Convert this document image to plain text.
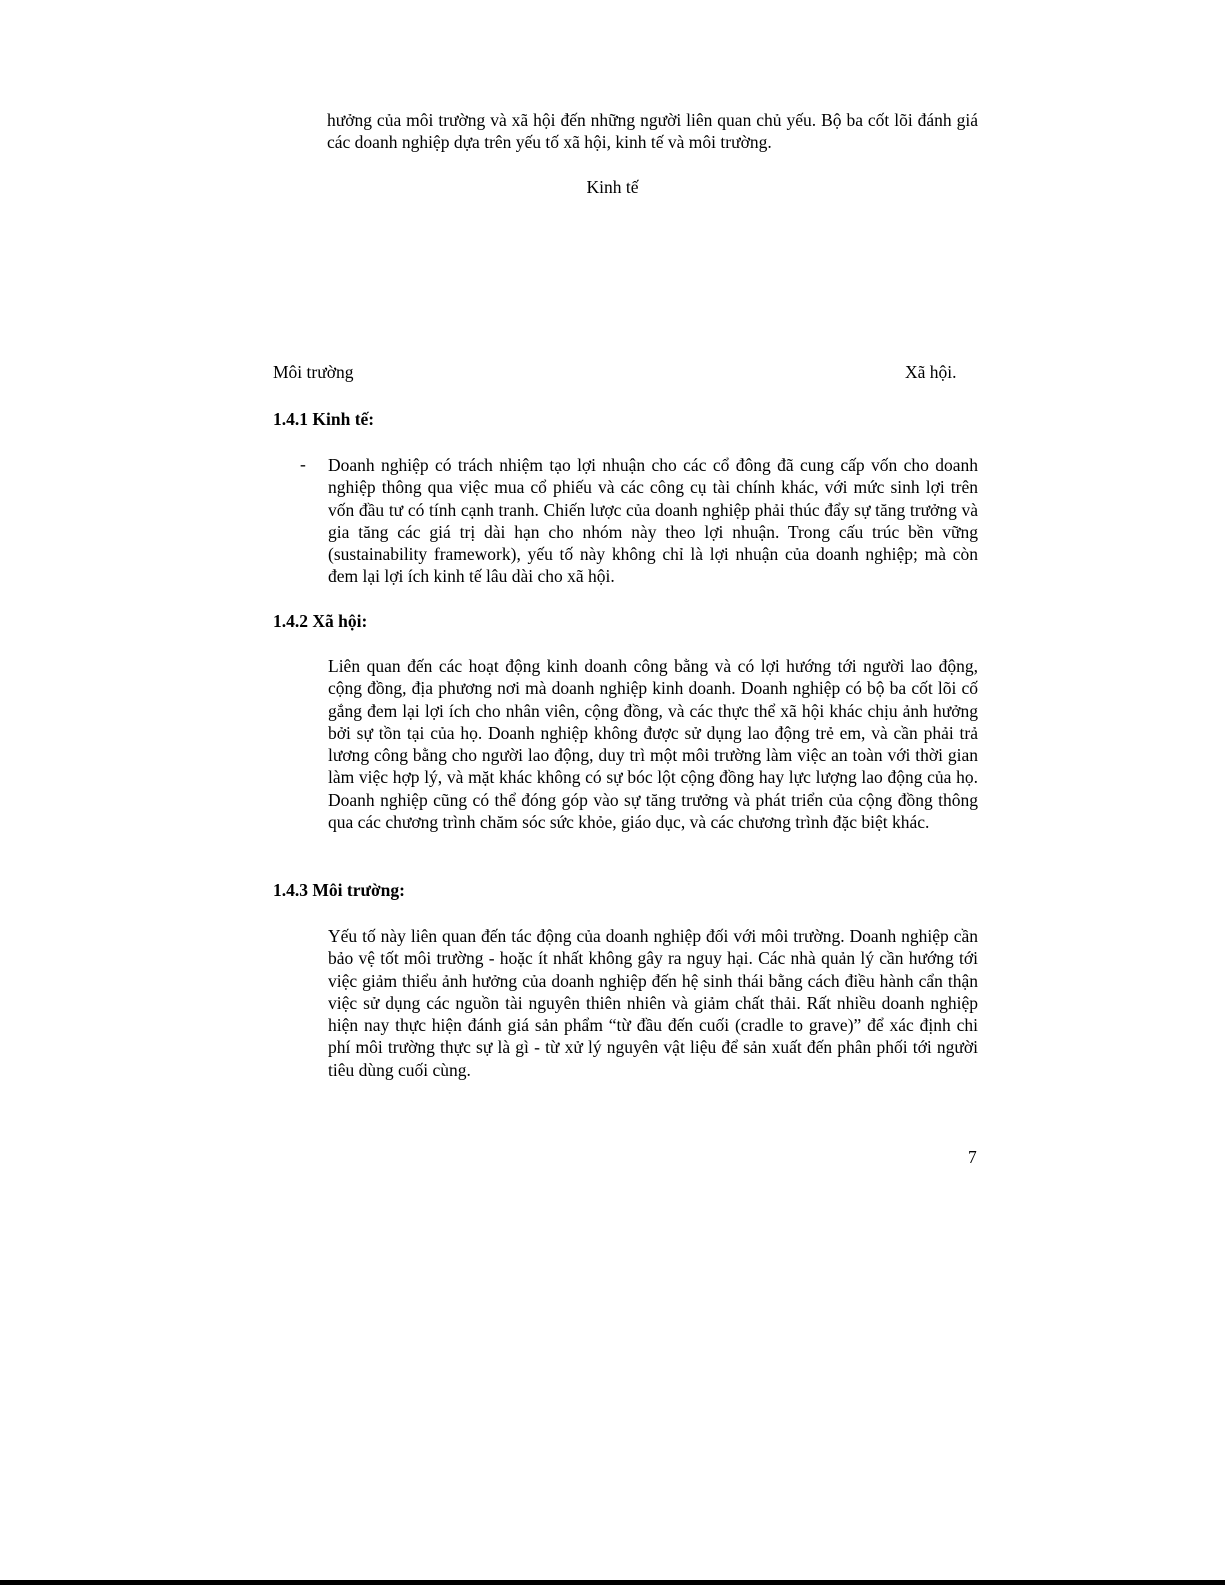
hưởng của môi trường và xã hội đến những người liên quan chủ yếu. Bộ ba cốt lõi đánh giá các doanh nghiệp dựa trên yếu tố xã hội, kinh tế và môi trường.

Kinh tế

Môi trường	Xã hội.

1.4.1 Kinh tế:

- Doanh nghiệp có trách nhiệm tạo lợi nhuận cho các cổ đông đã cung cấp vốn cho doanh nghiệp thông qua việc mua cổ phiếu và các công cụ tài chính khác, với mức sinh lợi trên vốn đầu tư có tính cạnh tranh. Chiến lược của doanh nghiệp phải thúc đẩy sự tăng trưởng và gia tăng các giá trị dài hạn cho nhóm này theo lợi nhuận. Trong cấu trúc bền vững (sustainability framework), yếu tố này không chỉ là lợi nhuận của doanh nghiệp; mà còn đem lại lợi ích kinh tế lâu dài cho xã hội.

1.4.2 Xã hội:

Liên quan đến các hoạt động kinh doanh công bằng và có lợi hướng tới người lao động, cộng đồng, địa phương nơi mà doanh nghiệp kinh doanh. Doanh nghiệp có bộ ba cốt lõi cố gắng đem lại lợi ích cho nhân viên, cộng đồng, và các thực thể xã hội khác chịu ảnh hưởng bởi sự tồn tại của họ. Doanh nghiệp không được sử dụng lao động trẻ em, và cần phải trả lương công bằng cho người lao động, duy trì một môi trường làm việc an toàn với thời gian làm việc hợp lý, và mặt khác không có sự bóc lột cộng đồng hay lực lượng lao động của họ. Doanh nghiệp cũng có thể đóng góp vào sự tăng trưởng và phát triển của cộng đồng thông qua các chương trình chăm sóc sức khỏe, giáo dục, và các chương trình đặc biệt khác.

1.4.3 Môi trường:

Yếu tố này liên quan đến tác động của doanh nghiệp đối với môi trường. Doanh nghiệp cần bảo vệ tốt môi trường - hoặc ít nhất không gây ra nguy hại. Các nhà quản lý cần hướng tới việc giảm thiểu ảnh hưởng của doanh nghiệp đến hệ sinh thái bằng cách điều hành cẩn thận việc sử dụng các nguồn tài nguyên thiên nhiên và giảm chất thải. Rất nhiều doanh nghiệp hiện nay thực hiện đánh giá sản phẩm “từ đầu đến cuối (cradle to grave)” để xác định chi phí môi trường thực sự là gì - từ xử lý nguyên vật liệu để sản xuất đến phân phối tới người tiêu dùng cuối cùng.

7
